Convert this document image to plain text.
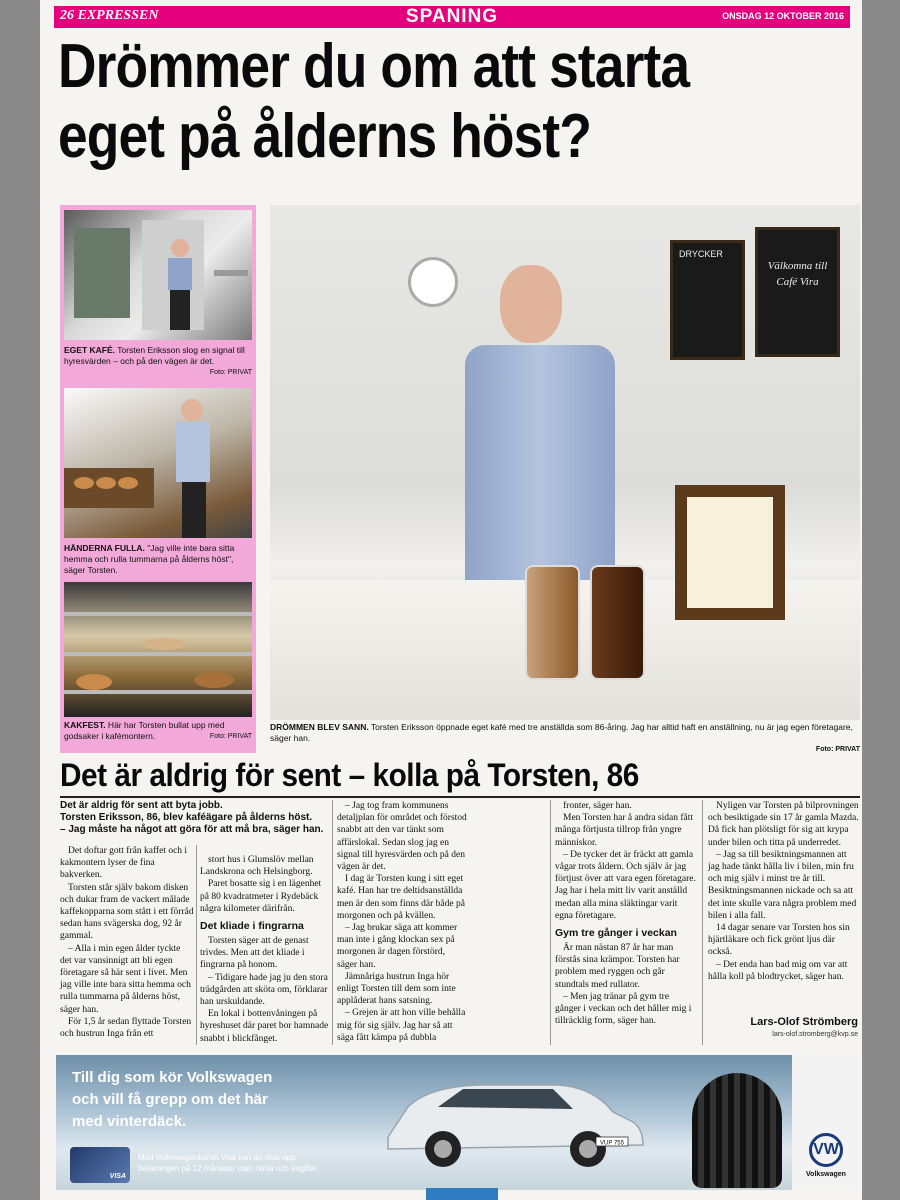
26 EXPRESSEN	SPANING	ONSDAG 12 OKTOBER 2016
Drömmer du om att starta
eget på ålderns höst?
EGET KAFÉ. Torsten Eriksson slog en signal till hyresvärden – och på den vägen är det.
Foto: PRIVAT
HÄNDERNA FULLA. "Jag ville inte bara sitta hemma och rulla tummarna på ålderns höst", säger Torsten.
KAKFEST. Här har Torsten bullat upp med godsaker i kafémontern.	Foto: PRIVAT
DRYCKER
Välkomna till Café Vira
DRÖMMEN BLEV SANN. Torsten Eriksson öppnade eget kafé med tre anställda som 86-åring. Jag har alltid haft en anställning, nu är jag egen företagare, säger han.
Foto: PRIVAT
Det är aldrig för sent – kolla på Torsten, 86
Det är aldrig för sent att byta jobb.
Torsten Eriksson, 86, blev kaféägare på ålderns höst.
– Jag måste ha något att göra för att må bra, säger han.

Det doftar gott från kaffet och i kakmontern lyser de fina bakverken.

Torsten står själv bakom disken och dukar fram de vackert målade kaffekopparna som stått i ett förråd sedan hans svägerska dog, 92 år gammal.

– Alla i min egen ålder tyckte det var vansinnigt att bli egen företagare så här sent i livet. Men jag ville inte bara sitta hemma och rulla tummarna på ålderns höst, säger han.

För 1,5 år sedan flyttade Torsten och hustrun Inga från ett

stort hus i Glumslöv mellan Landskrona och Helsingborg.

Paret bosatte sig i en lägenhet på 80 kvadratmeter i Rydebäck några kilometer därifrån.

Det kliade i fingrarna

Torsten säger att de genast trivdes. Men att det kliade i fingrarna på honom.

– Tidigare hade jag ju den stora trädgården att sköta om, förklarar han urskuldande.

En lokal i bottenvåningen på hyreshuset där paret bor hamnade snabbt i blickfånget.

– Jag tog fram kommunens detaljplan för området och förstod snabbt att den var tänkt som affärslokal. Sedan slog jag en signal till hyresvärden och på den vägen är det.

I dag är Torsten kung i sitt eget kafé. Han har tre deltidsanställda men är den som finns där både på morgonen och på kvällen.

– Jag brukar säga att kommer man inte i gång klockan sex på morgonen är dagen förstörd, säger han.

Jämnåriga hustrun Inga hör enligt Torsten till dem som inte applåderat hans satsning.

– Grejen är att hon ville behålla mig för sig själv. Jag har så att säga fått kämpa på dubbla

fronter, säger han.

Men Torsten har å andra sidan fått många förtjusta tillrop från yngre människor.

– De tycker det är fräckt att gamla vågar trots åldern. Och själv är jag förtjust över att vara egen företagare. Jag har i hela mitt liv varit anställd medan alla mina släktingar varit egna företagare.

Gym tre gånger i veckan

Är man nästan 87 år har man förstås sina krämpor. Torsten har problem med ryggen och går stundtals med rullator.

– Men jag tränar på gym tre gånger i veckan och det håller mig i tillräcklig form, säger han.

Nyligen var Torsten på bilprovningen och besiktigade sin 17 år gamla Mazda. Då fick han plötsligt för sig att krypa under bilen och titta på underredet.

– Jag sa till besiktningsmannen att jag hade tänkt hålla liv i bilen, min fru och mig själv i minst tre år till. Besiktningsmannen nickade och sa att det inte skulle vara några problem med bilen i alla fall.

14 dagar senare var Torsten hos sin hjärtläkare och fick grönt ljus där också.

– Det enda han bad mig om var att hålla koll på blodtrycket, säger han.

Lars-Olof Strömberg
lars-olof.stromberg@kvp.se
Till dig som kör Volkswagen
och vill få grepp om det här
med vinterdäck.
VISA
Med Volkswagenkortet Visa kan du dela upp
betalningen på 12 månader utan ränta och avgifter.
VUP 755	VW
Volkswagen
